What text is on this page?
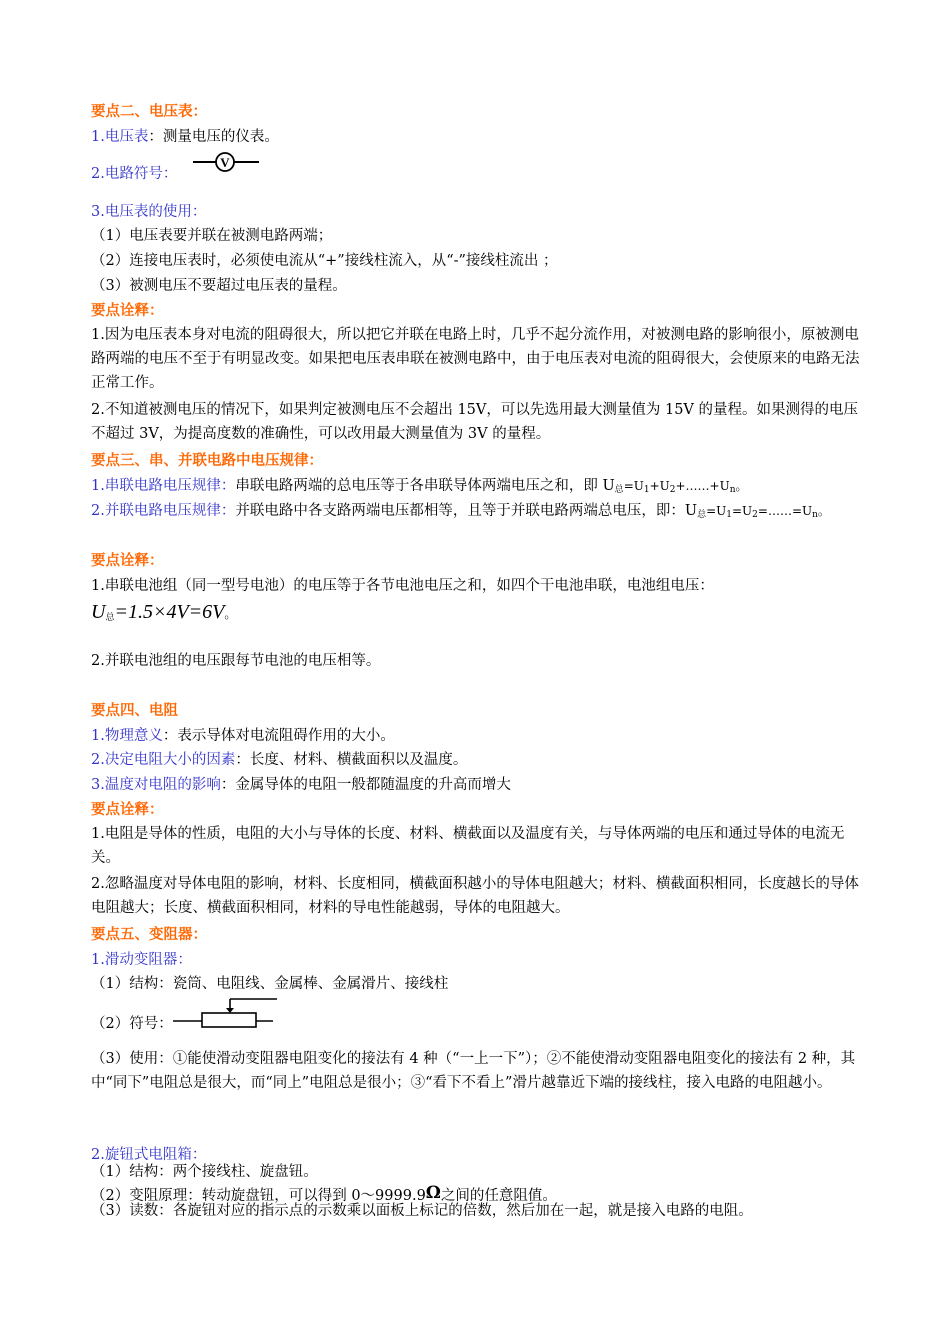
要点二、电压表：
1.电压表：测量电压的仪表。
2.电路符号：
V
3.电压表的使用：
（1）电压表要并联在被测电路两端；
（2）连接电压表时，必须使电流从“+”接线柱流入，从“-”接线柱流出 ；
（3）被测电压不要超过电压表的量程。
要点诠释：
1.因为电压表本身对电流的阻碍很大，所以把它并联在电路上时，几乎不起分流作用，对被测电路的影响很小，原被测电路两端的电压不至于有明显改变。如果把电压表串联在被测电路中，由于电压表对电流的阻碍很大，会使原来的电路无法正常工作。
2.不知道被测电压的情况下，如果判定被测电压不会超出 15V，可以先选用最大测量值为 15V 的量程。如果测得的电压不超过 3V，为提高度数的准确性，可以改用最大测量值为 3V 的量程。
要点三、串、并联电路中电压规律：
1.串联电路电压规律：串联电路两端的总电压等于各串联导体两端电压之和，即 U总$=U_1+U_2+\dots\dots+U_n$。
2.并联电路电压规律：并联电路中各支路两端电压都相等，且等于并联电路两端总电压，即：U总$=U_1=U_2=\dots\dots=U_n$。
要点诠释：
1.串联电池组（同一型号电池）的电压等于各节电池电压之和，如四个干电池串联，电池组电压：
U总=1.5×4V=6V。
2.并联电池组的电压跟每节电池的电压相等。
要点四、电阻
1.物理意义：表示导体对电流阻碍作用的大小。
2.决定电阻大小的因素：长度、材料、横截面积以及温度。
3.温度对电阻的影响：金属导体的电阻一般都随温度的升高而增大
要点诠释：
1.电阻是导体的性质，电阻的大小与导体的长度、材料、横截面以及温度有关，与导体两端的电压和通过导体的电流无关。
2.忽略温度对导体电阻的影响，材料、长度相同，横截面积越小的导体电阻越大；材料、横截面积相同，长度越长的导体电阻越大；长度、横截面积相同，材料的导电性能越弱，导体的电阻越大。
要点五、变阻器：
1.滑动变阻器：
（1）结构：瓷筒、电阻线、金属棒、金属滑片、接线柱
（2）符号：
（3）使用：①能使滑动变阻器电阻变化的接法有 4 种（“一上一下”）；②不能使滑动变阻器电阻变化的接法有 2 种，其中“同下”电阻总是很大，而“同上”电阻总是很小；③“看下不看上”滑片越靠近下端的接线柱，接入电路的电阻越小。
2.旋钮式电阻箱：
（1）结构：两个接线柱、旋盘钮。
（2）变阻原理：转动旋盘钮，可以得到 0～9999.9Ω之间的任意阻值。
（3）读数：各旋钮对应的指示点的示数乘以面板上标记的倍数，然后加在一起，就是接入电路的电阻。
